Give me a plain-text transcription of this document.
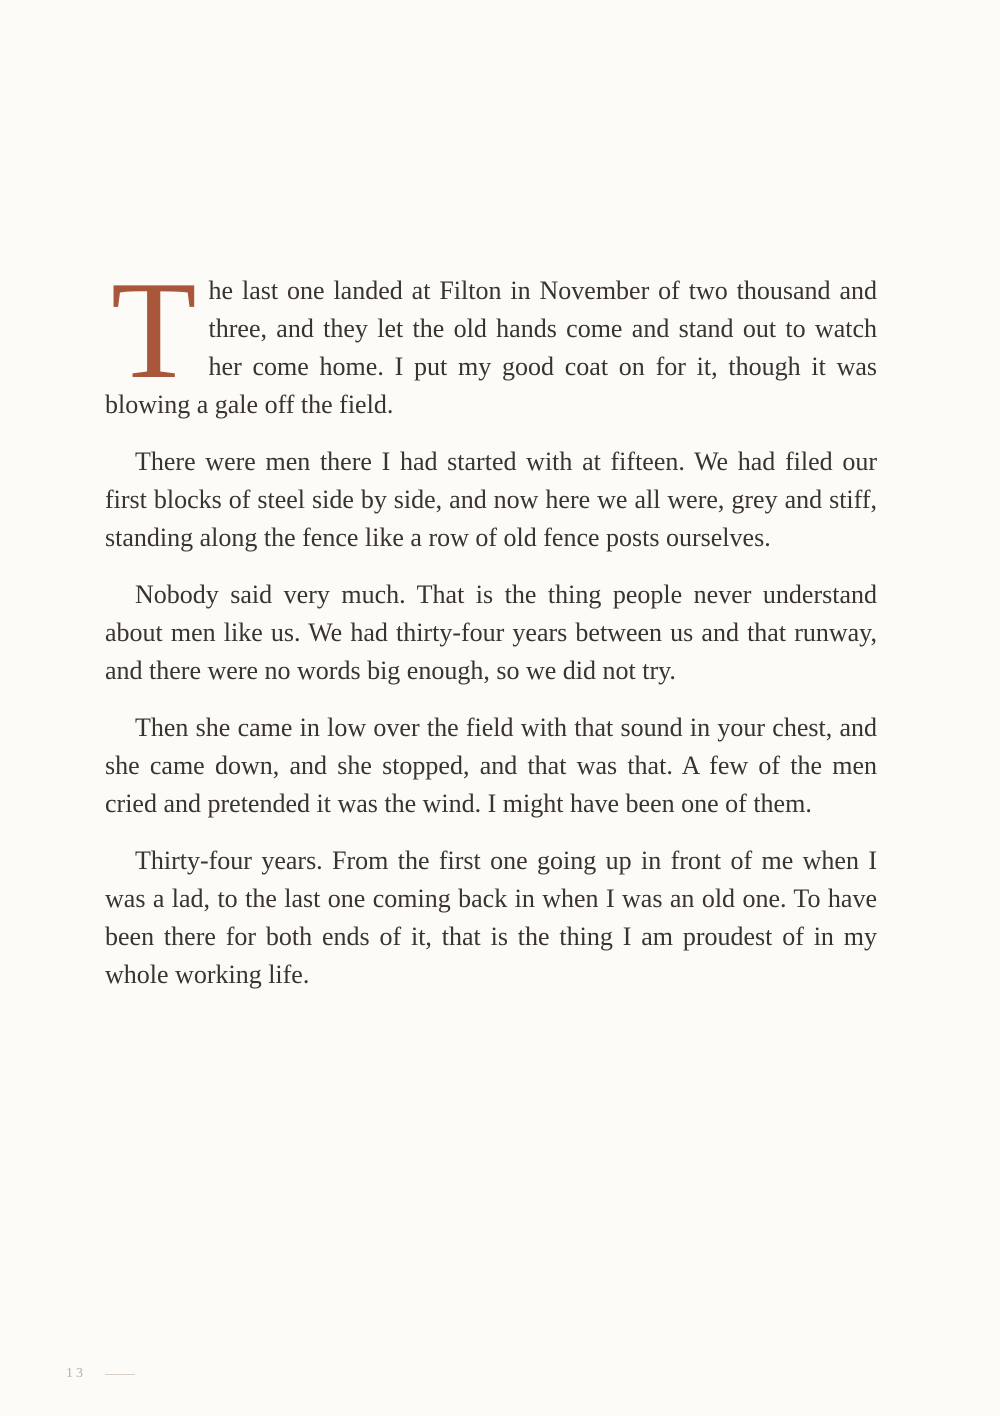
The last one landed at Filton in November of two thousand and three, and they let the old hands come and stand out to watch her come home. I put my good coat on for it, though it was blowing a gale off the field.

There were men there I had started with at fifteen. We had filed our first blocks of steel side by side, and now here we all were, grey and stiff, standing along the fence like a row of old fence posts ourselves.

Nobody said very much. That is the thing people never understand about men like us. We had thirty-four years between us and that runway, and there were no words big enough, so we did not try.

Then she came in low over the field with that sound in your chest, and she came down, and she stopped, and that was that. A few of the men cried and pretended it was the wind. I might have been one of them.

Thirty-four years. From the first one going up in front of me when I was a lad, to the last one coming back in when I was an old one. To have been there for both ends of it, that is the thing I am proudest of in my whole working life.

13
